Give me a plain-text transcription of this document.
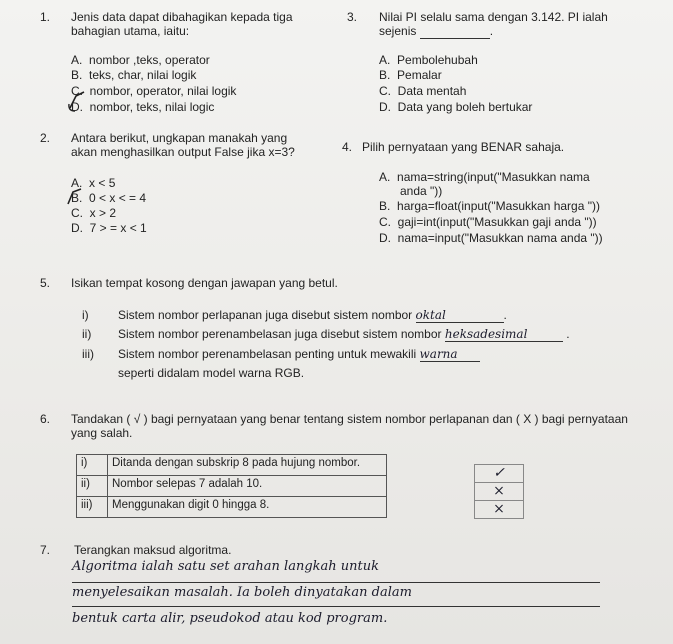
1. Jenis data dapat dibahagikan kepada tiga
bahagian utama, iaitu:
A. nombor ,teks, operator
B. teks, char, nilai logik
C. nombor, operator, nilai logik
D. nombor, teks, nilai logic
3. Nilai PI selalu sama dengan 3.142. PI ialah
sejenis	.
A. Pembolehubah
B. Pemalar
C. Data mentah
D. Data yang boleh bertukar
2. Antara berikut, ungkapan manakah yang
akan menghasilkan output False jika x=3?
A. x < 5
B. 0 < x < = 4
C. x > 2
D. 7 > = x < 1
4. Pilih pernyataan yang BENAR sahaja.
A. nama=string(input("Masukkan nama
anda "))
B. harga=float(input("Masukkan harga "))
C. gaji=int(input("Masukkan gaji anda "))
D. nama=input("Masukkan nama anda "))
5. Isikan tempat kosong dengan jawapan yang betul.
i) Sistem nombor perlapanan juga disebut sistem nombor oktal	.
ii) Sistem nombor perenambelasan juga disebut sistem nombor heksadesimal	.
iii) Sistem nombor perenambelasan penting untuk mewakili warna
seperti didalam model warna RGB.
6. Tandakan ( √ ) bagi pernyataan yang benar tentang sistem nombor perlapanan dan ( X ) bagi pernyataan
yang salah.
i)	Ditanda dengan subskrip 8 pada hujung nombor.
ii)	Nombor selepas 7 adalah 10.
iii)	Menggunakan digit 0 hingga 8.
✓
×
×
7. Terangkan maksud algoritma.
Algoritma ialah satu set arahan langkah untuk
menyelesaikan masalah. Ia boleh dinyatakan dalam
bentuk carta alir, pseudokod atau kod program.
